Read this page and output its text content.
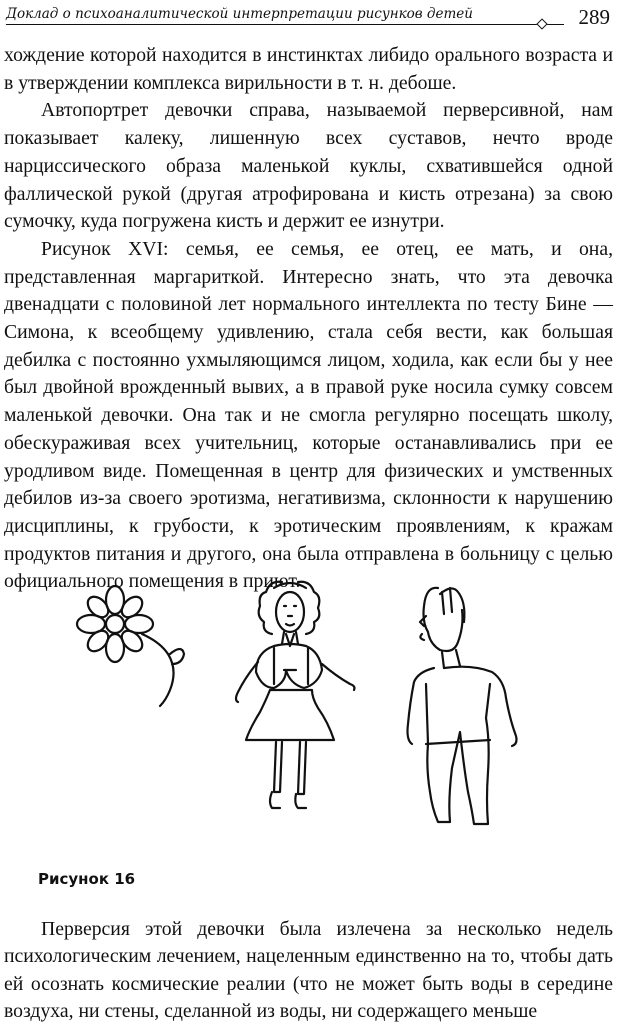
Доклад о психоаналитической интерпретации рисунков детей	289

хождение которой находится в инстинктах либидо орального возраста и в утверждении комплекса вирильности в т. н. дебоше.

Автопортрет девочки справа, называемой перверсивной, нам показывает калеку, лишенную всех суставов, нечто вроде нарциссического образа маленькой куклы, схватившейся одной фаллической рукой (другая атрофирована и кисть отрезана) за свою сумочку, куда погружена кисть и держит ее изнутри.

Рисунок XVI: семья, ее семья, ее отец, ее мать, и она, представленная маргариткой. Интересно знать, что эта девочка двенадцати с половиной лет нормального интеллекта по тесту Бине — Симона, к всеобщему удивлению, стала себя вести, как большая дебилка с постоянно ухмыляющимся лицом, ходила, как если бы у нее был двойной врожденный вывих, а в правой руке носила сумку совсем маленькой девочки. Она так и не смогла регулярно посещать школу, обескураживая всех учительниц, которые останавливались при ее уродливом виде. Помещенная в центр для физических и умственных дебилов из-за своего эротизма, негативизма, склонности к нарушению дисциплины, к грубости, к эротическим проявлениям, к кражам продуктов питания и другого, она была отправлена в больницу с целью официального помещения в приют.

Рисунок 16

Перверсия этой девочки была излечена за несколько недель психологическим лечением, нацеленным единственно на то, чтобы дать ей осознать космические реалии (что не может быть воды в середине воздуха, ни стены, сделанной из воды, ни содержащего меньше
